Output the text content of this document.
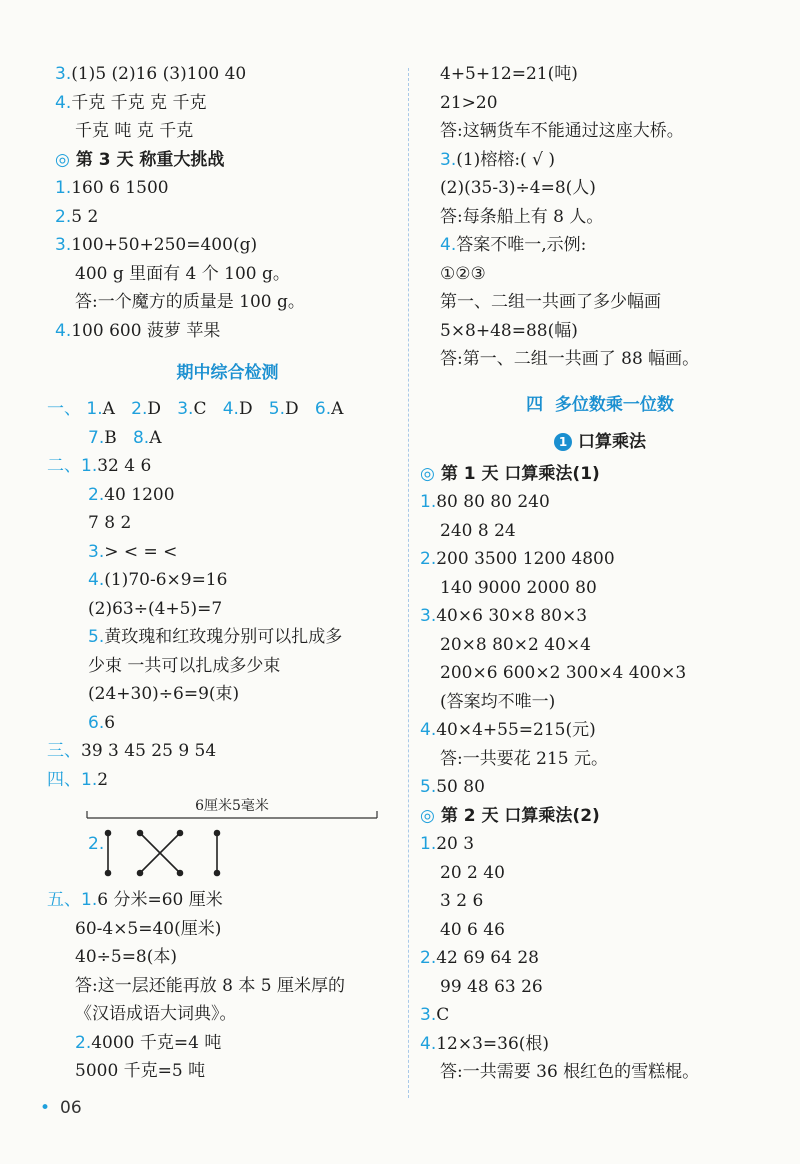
3.(1)5 (2)16 (3)100 40
4.千克 千克 克 千克
千克 吨 克 千克
◎ 第 3 天 称重大挑战
1.160 6 1500
2.5 2
3.100+50+250=400(g)
400 g 里面有 4 个 100 g。
答:一个魔方的质量是 100 g。
4.100 600 菠萝 苹果
期中综合检测
一、 1.A 2.D 3.C 4.D 5.D 6.A
7.B 8.A
二、1.32 4 6
2.40 1200
7 8 2
3.> < = <
4.(1)70-6×9=16
(2)63÷(4+5)=7
5.黄玫瑰和红玫瑰分别可以扎成多
少束 一共可以扎成多少束
(24+30)÷6=9(束)
6.6
三、39 3 45 25 9 54
四、1.2
6厘米5毫米
2.
五、1.6 分米=60 厘米
60-4×5=40(厘米)
40÷5=8(本)
答:这一层还能再放 8 本 5 厘米厚的
《汉语成语大词典》。
2.4000 千克=4 吨
5000 千克=5 吨
4+5+12=21(吨)
21>20
答:这辆货车不能通过这座大桥。
3.(1)榕榕:( √ )
(2)(35-3)÷4=8(人)
答:每条船上有 8 人。
4.答案不唯一,示例:
①②③
第一、二组一共画了多少幅画
5×8+48=88(幅)
答:第一、二组一共画了 88 幅画。
四  多位数乘一位数
1 口算乘法
◎ 第 1 天 口算乘法(1)
1.80 80 80 240
240 8 24
2.200 3500 1200 4800
140 9000 2000 80
3.40×6 30×8 80×3
20×8 80×2 40×4
200×6 600×2 300×4 400×3
(答案均不唯一)
4.40×4+55=215(元)
答:一共要花 215 元。
5.50 80
◎ 第 2 天 口算乘法(2)
1.20 3
20 2 40
3 2 6
40 6 46
2.42 69 64 28
99 48 63 26
3.C
4.12×3=36(根)
答:一共需要 36 根红色的雪糕棍。
• 06
